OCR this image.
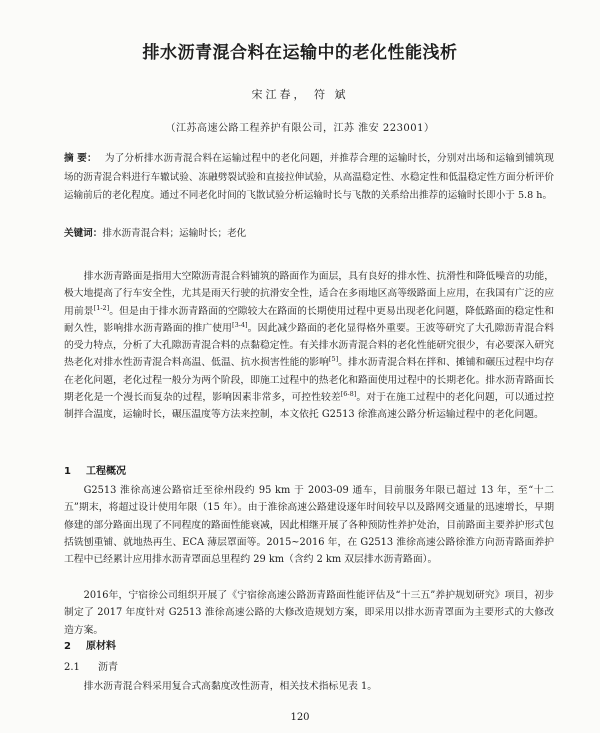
排水沥青混合料在运输中的老化性能浅析
宋江春， 符 斌
（江苏高速公路工程养护有限公司，江苏 淮安 223001）
摘 要： 为了分析排水沥青混合料在运输过程中的老化问题，并推荐合理的运输时长，分别对出场和运输到铺筑现场的沥青混合料进行车辙试验、冻融劈裂试验和直接拉伸试验，从高温稳定性、水稳定性和低温稳定性方面分析评价运输前后的老化程度。通过不同老化时间的飞散试验分析运输时长与飞散的关系给出推荐的运输时长即小于 5.8 h。
关键词：排水沥青混合料；运输时长；老化

排水沥青路面是指用大空隙沥青混合料铺筑的路面作为面层，具有良好的排水性、抗滑性和降低噪音的功能，极大地提高了行车安全性，尤其是雨天行驶的抗滑安全性，适合在多雨地区高等级路面上应用，在我国有广泛的应用前景[1-2]。但是由于排水沥青路面的空隙较大在路面的长期使用过程中更易出现老化问题，降低路面的稳定性和耐久性，影响排水沥青路面的推广使用[3-4]。因此减少路面的老化显得格外重要。王波等研究了大孔隙沥青混合料的受力特点，分析了大孔隙沥青混合料的点黏稳定性。有关排水沥青混合料的老化性能研究很少，有必要深入研究热老化对排水性沥青混合料高温、低温、抗水损害性能的影响[5]。排水沥青混合料在拌和、摊铺和碾压过程中均存在老化问题，老化过程一般分为两个阶段，即施工过程中的热老化和路面使用过程中的长期老化。排水沥青路面长期老化是一个漫长而复杂的过程，影响因素非常多，可控性较差[6-8]。对于在施工过程中的老化问题，可以通过控制拌合温度，运输时长，碾压温度等方法来控制，本文依托 G2513 徐淮高速公路分析运输过程中的老化问题。

1 工程概况

G2513 淮徐高速公路宿迁至徐州段约 95 km 于 2003-09 通车，目前服务年限已超过 13 年，至“十二五”期末，将超过设计使用年限（15 年）。由于淮徐高速公路建设逐年时间较早以及路网交通量的迅速增长，早期修建的部分路面出现了不同程度的路面性能衰减，因此相继开展了各种预防性养护处治，目前路面主要养护形式包括铣刨重铺、就地热再生、ECA 薄层罩面等。2015~2016 年，在 G2513 淮徐高速公路徐淮方向沥青路面养护工程中已经累计应用排水沥青罩面总里程约 29 km（含约 2 km 双层排水沥青路面）。

2016年，宁宿徐公司组织开展了《宁宿徐高速公路沥青路面性能评估及“十三五”养护规划研究》项目，初步制定了 2017 年度针对 G2513 淮徐高速公路的大修改造规划方案，即采用以排水沥青罩面为主要形式的大修改造方案。

2 原材料
2.1 沥青

排水沥青混合料采用复合式高黏度改性沥青，相关技术指标见表 1。

120
